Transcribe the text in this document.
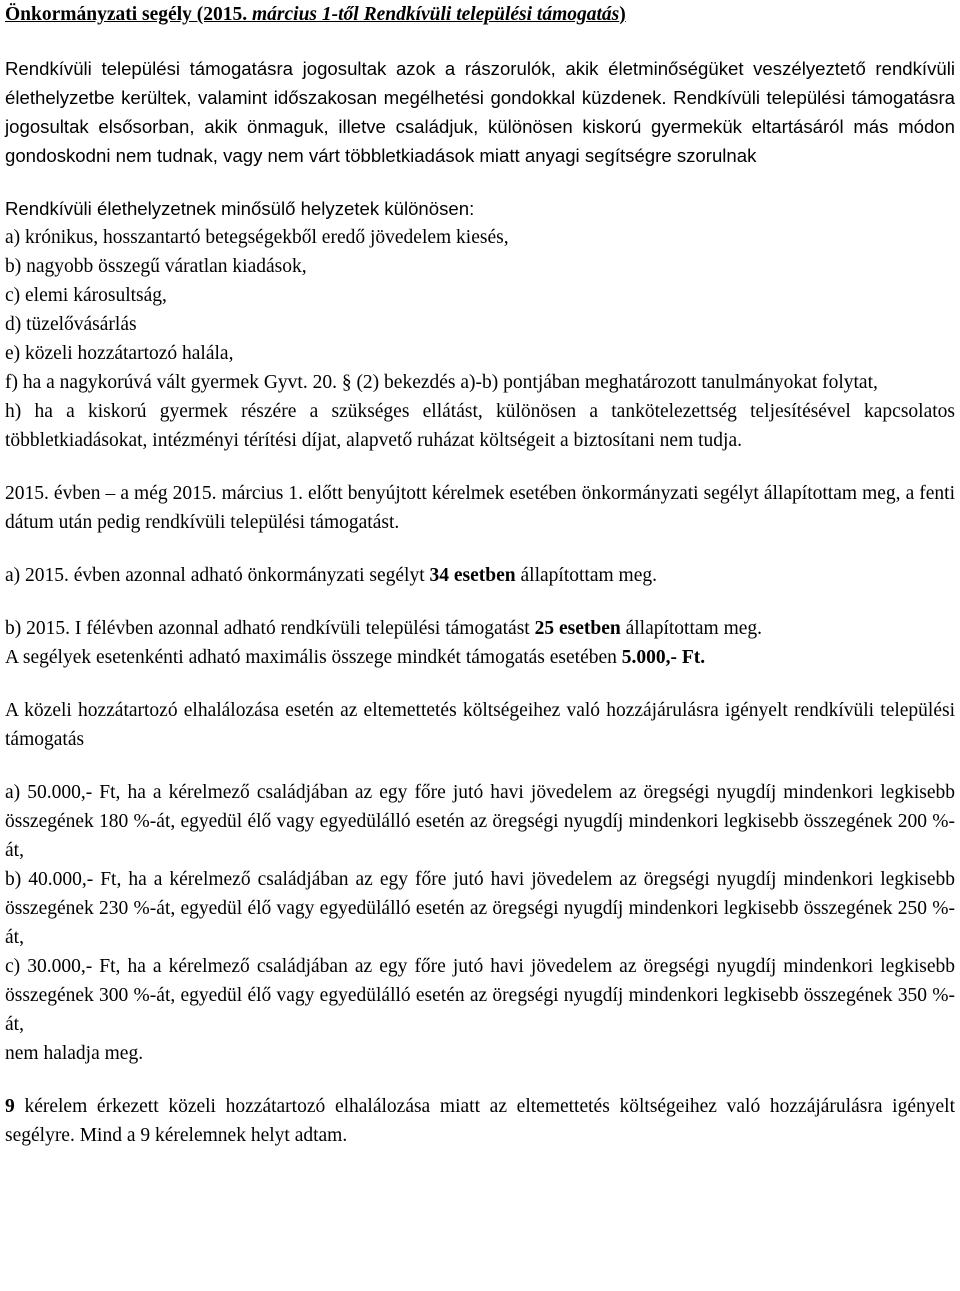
Önkormányzati segély (2015. március 1-től Rendkívüli települési támogatás)

Rendkívüli települési támogatásra jogosultak azok a rászorulók, akik életminőségüket veszélyeztető rendkívüli élethelyzetbe kerültek, valamint időszakosan megélhetési gondokkal küzdenek. Rendkívüli települési támogatásra jogosultak elsősorban, akik önmaguk, illetve családjuk, különösen kiskorú gyermekük eltartásáról más módon gondoskodni nem tudnak, vagy nem várt többletkiadások miatt anyagi segítségre szorulnak

Rendkívüli élethelyzetnek minősülő helyzetek különösen:

a) krónikus, hosszantartó betegségekből eredő jövedelem kiesés,

b) nagyobb összegű váratlan kiadások,

c) elemi károsultság,

d) tüzelővásárlás

e) közeli hozzátartozó halála,

f) ha a nagykorúvá vált gyermek Gyvt. 20. § (2) bekezdés a)-b) pontjában meghatározott tanulmányokat folytat,

h) ha a kiskorú gyermek részére a szükséges ellátást, különösen a tankötelezettség teljesítésével kapcsolatos többletkiadásokat, intézményi térítési díjat, alapvető ruházat költségeit a biztosítani nem tudja.

2015. évben – a még 2015. március 1. előtt benyújtott kérelmek esetében önkormányzati segélyt állapítottam meg, a fenti dátum után pedig rendkívüli települési támogatást.

a) 2015. évben azonnal adható önkormányzati segélyt 34 esetben állapítottam meg.

b) 2015. I félévben azonnal adható rendkívüli települési támogatást 25 esetben állapítottam meg.

A segélyek esetenkénti adható maximális összege mindkét támogatás esetében 5.000,- Ft.

A közeli hozzátartozó elhalálozása esetén az eltemettetés költségeihez való hozzájárulásra igényelt rendkívüli települési támogatás

a) 50.000,- Ft, ha a kérelmező családjában az egy főre jutó havi jövedelem az öregségi nyugdíj mindenkori legkisebb összegének 180 %-át, egyedül élő vagy egyedülálló esetén az öregségi nyugdíj mindenkori legkisebb összegének 200 %-át,

b) 40.000,- Ft, ha a kérelmező családjában az egy főre jutó havi jövedelem az öregségi nyugdíj mindenkori legkisebb összegének 230 %-át, egyedül élő vagy egyedülálló esetén az öregségi nyugdíj mindenkori legkisebb összegének 250 %-át,

c) 30.000,- Ft, ha a kérelmező családjában az egy főre jutó havi jövedelem az öregségi nyugdíj mindenkori legkisebb összegének 300 %-át, egyedül élő vagy egyedülálló esetén az öregségi nyugdíj mindenkori legkisebb összegének 350 %-át,

nem haladja meg.

9 kérelem érkezett közeli hozzátartozó elhalálozása miatt az eltemettetés költségeihez való hozzájárulásra igényelt segélyre. Mind a 9 kérelemnek helyt adtam.
